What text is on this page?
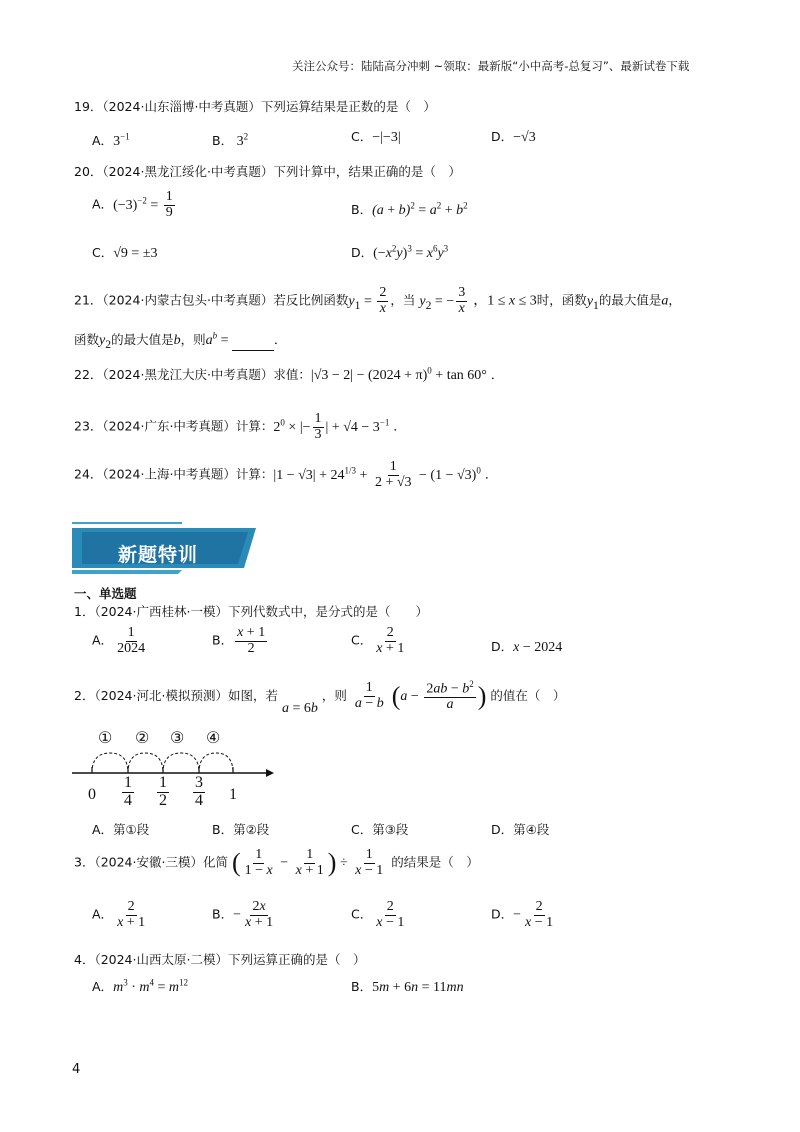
关注公众号：陆陆高分冲刺 ~领取：最新版“小中高考-总复习”、最新试卷下载
19．（2024·山东淄博·中考真题）下列运算结果是正数的是（　）
A．$3^{-1}$	B． $3^2$	C．−|−3|	D．−√3
20．（2024·黑龙江绥化·中考真题）下列计算中，结果正确的是（　）
A．$(-3)^{-2} = \frac{1}{9}$	B．$(a + b)^2 = a^2 + b^2$
C．√9 = ±3	D．$(-x^2y)^3 = x^6y^3$
21．（2024·内蒙古包头·中考真题）若反比例函数$y_1 = \frac{2}{x}$ ，当 $y_2$ = − $\frac{3}{x}$ ，1 ≤ x ≤ 3时，函数$y_1$的最大值是a，
函数$y_2$的最大值是b，则$a^b$ =	．
22．（2024·黑龙江大庆·中考真题）求值：$|√3 - 2| - (2024 + \pi)^0 + \tan 60^\circ$ ．
23．（2024·广东·中考真题）计算：$2^0$ × |− $\frac{1}{3}$ | + $√4 - 3^{-1}$ ．
24．（2024·上海·中考真题）计算：$|1 - √3| + 24^{1/3} + \frac{1}{2 + √3} - (1 - √3)^0$ ．
新题特训
一、单选题
1．（2024·广西桂林·一模）下列代数式中，是分式的是（　　）
A． $\frac{1}{2024}$	B． $\frac{x + 1}{2}$	C． $\frac{2}{x + 1}$	D．x − 2024
2．（2024·河北·模拟预测）如图，若 a = 6b ，则 $\frac{1}{a - b} (a - \frac{2ab - b^2}{a}$ ) 的值在（　）
① ② ③ ④
$0 \frac{1}{4} \frac{1}{2} \frac{3}{4} 1$
A．第①段	B．第②段	C．第③段	D．第④段
3．（2024·安徽·三模）化简 ( $\frac{1}{1 - x} - \frac{1}{x + 1}$ ) ÷ $\frac{1}{x - 1}$ 的结果是（　）
A． $\frac{2}{x + 1}$	B．− $\frac{2x}{x + 1}$	C． $\frac{2}{x - 1}$	D．− $\frac{2}{x - 1}$
4．（2024·山西太原·二模）下列运算正确的是（　）
A．$m^3 \cdot m^4 = m^{12}$	B．5m + 6n = 11mn
4
